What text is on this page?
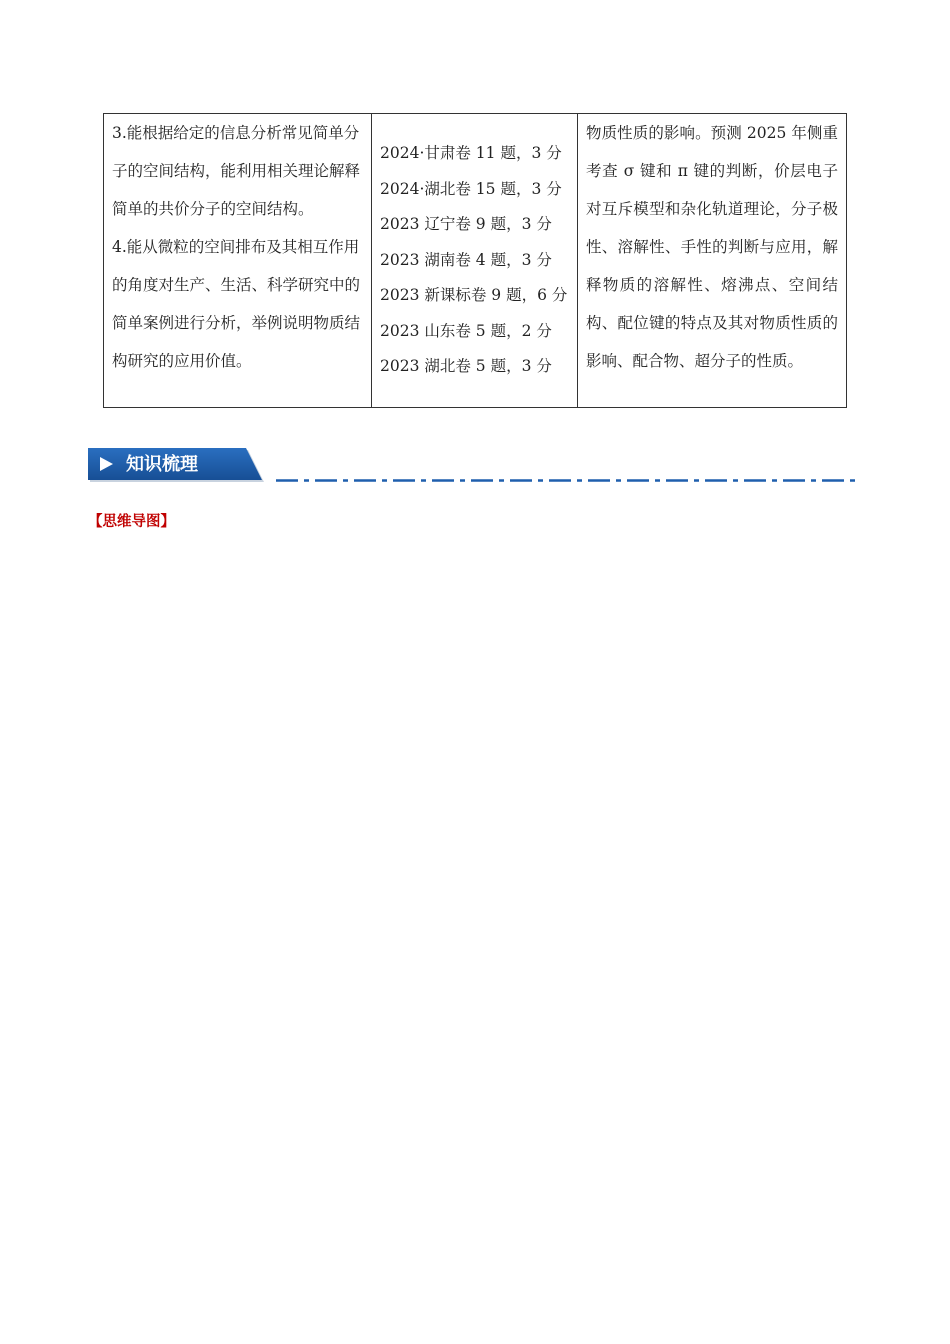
3.能根据给定的信息分析常见简单分子的空间结构，能利用相关理论解释简单的共价分子的空间结构。
4.能从微粒的空间排布及其相互作用的角度对生产、生活、科学研究中的简单案例进行分析，举例说明物质结构研究的应用价值。

2024·甘肃卷 11 题，3 分
2024·湖北卷 15 题，3 分
2023 辽宁卷 9 题，3 分
2023 湖南卷 4 题，3 分
2023 新课标卷 9 题，6 分
2023 山东卷 5 题，2 分
2023 湖北卷 5 题，3 分

物质性质的影响。预测 2025 年侧重考查 σ 键和 π 键的判断，价层电子对互斥模型和杂化轨道理论，分子极性、溶解性、手性的判断与应用，解释物质的溶解性、熔沸点、空间结构、配位键的特点及其对物质性质的影响、配合物、超分子的性质。
知识梳理
【思维导图】
